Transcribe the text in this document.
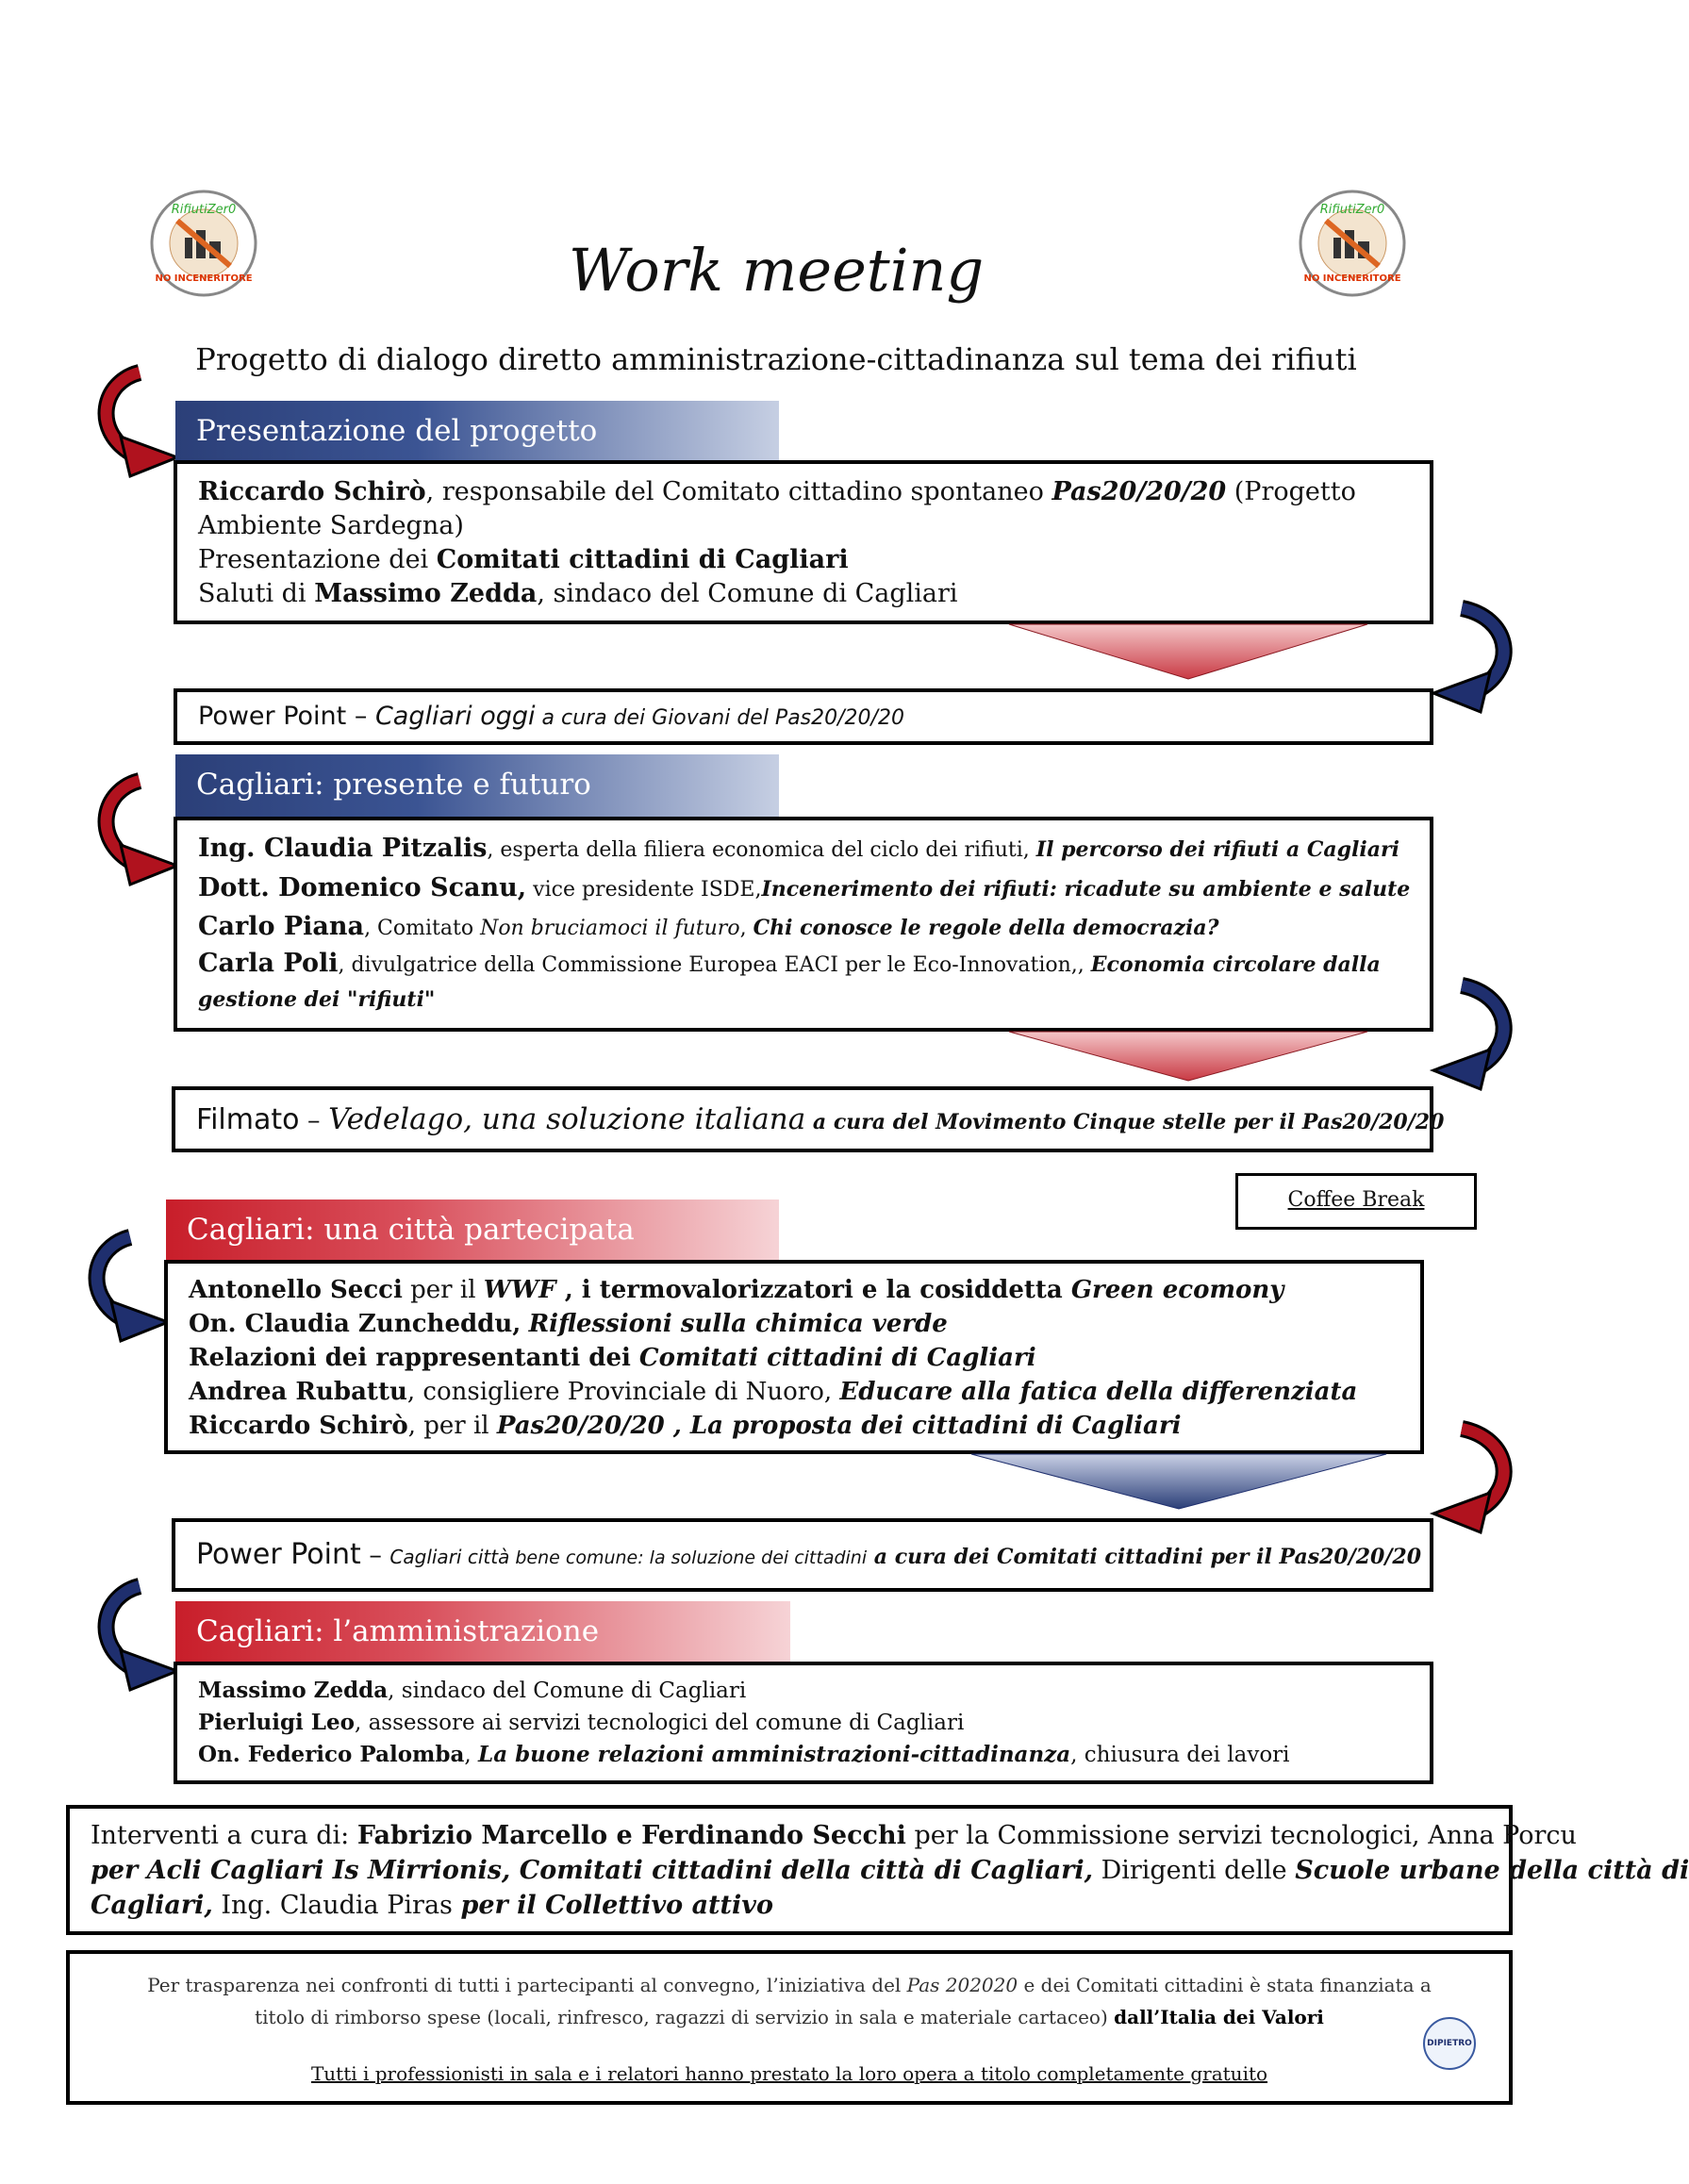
RifiutiZer0
NO INCENERITORE
RifiutiZer0
NO INCENERITORE
Work meeting
Progetto di dialogo diretto amministrazione-cittadinanza sul tema dei rifiuti
Presentazione del progetto
Riccardo Schirò, responsabile del Comitato cittadino spontaneo Pas20/20/20 (Progetto
Ambiente Sardegna)
Presentazione dei Comitati cittadini di Cagliari
Saluti di Massimo Zedda, sindaco del Comune di Cagliari
Power Point – Cagliari oggi a cura dei Giovani del Pas20/20/20
Cagliari: presente e futuro
Ing. Claudia Pitzalis, esperta della filiera economica del ciclo dei rifiuti, Il percorso dei rifiuti a Cagliari
Dott. Domenico Scanu, vice presidente ISDE,Incenerimento dei rifiuti: ricadute su ambiente e salute
Carlo Piana, Comitato Non bruciamoci il futuro, Chi conosce le regole della democrazia?
Carla Poli, divulgatrice della Commissione Europea EACI per le Eco-Innovation,, Economia circolare dalla
gestione dei "rifiuti"
Filmato – Vedelago, una soluzione italiana a cura del Movimento Cinque stelle per il Pas20/20/20
Coffee Break
Cagliari: una città partecipata
Antonello Secci per il WWF , i termovalorizzatori e la cosiddetta Green ecomony
On. Claudia Zuncheddu, Riflessioni sulla chimica verde
Relazioni dei rappresentanti dei Comitati cittadini di Cagliari
Andrea Rubattu, consigliere Provinciale di Nuoro, Educare alla fatica della differenziata
Riccardo Schirò, per il Pas20/20/20 , La proposta dei cittadini di Cagliari
Power Point – Cagliari città bene comune: la soluzione dei cittadini a cura dei Comitati cittadini per il Pas20/20/20
Cagliari: l’amministrazione
Massimo Zedda, sindaco del Comune di Cagliari
Pierluigi Leo, assessore ai servizi tecnologici del comune di Cagliari
On. Federico Palomba, La buone relazioni amministrazioni-cittadinanza, chiusura dei lavori
Interventi a cura di: Fabrizio Marcello e Ferdinando Secchi per la Commissione servizi tecnologici, Anna Porcu
per Acli Cagliari Is Mirrionis, Comitati cittadini della città di Cagliari, Dirigenti delle Scuole urbane della città di
Cagliari, Ing. Claudia Piras per il Collettivo attivo
Per trasparenza nei confronti di tutti i partecipanti al convegno, l’iniziativa del Pas 202020 e dei Comitati cittadini è stata finanziata a
titolo di rimborso spese (locali, rinfresco, ragazzi di servizio in sala e materiale cartaceo) dall’Italia dei Valori
Tutti i professionisti in sala e i relatori hanno prestato la loro opera a titolo completamente gratuito
DIPIETRO
